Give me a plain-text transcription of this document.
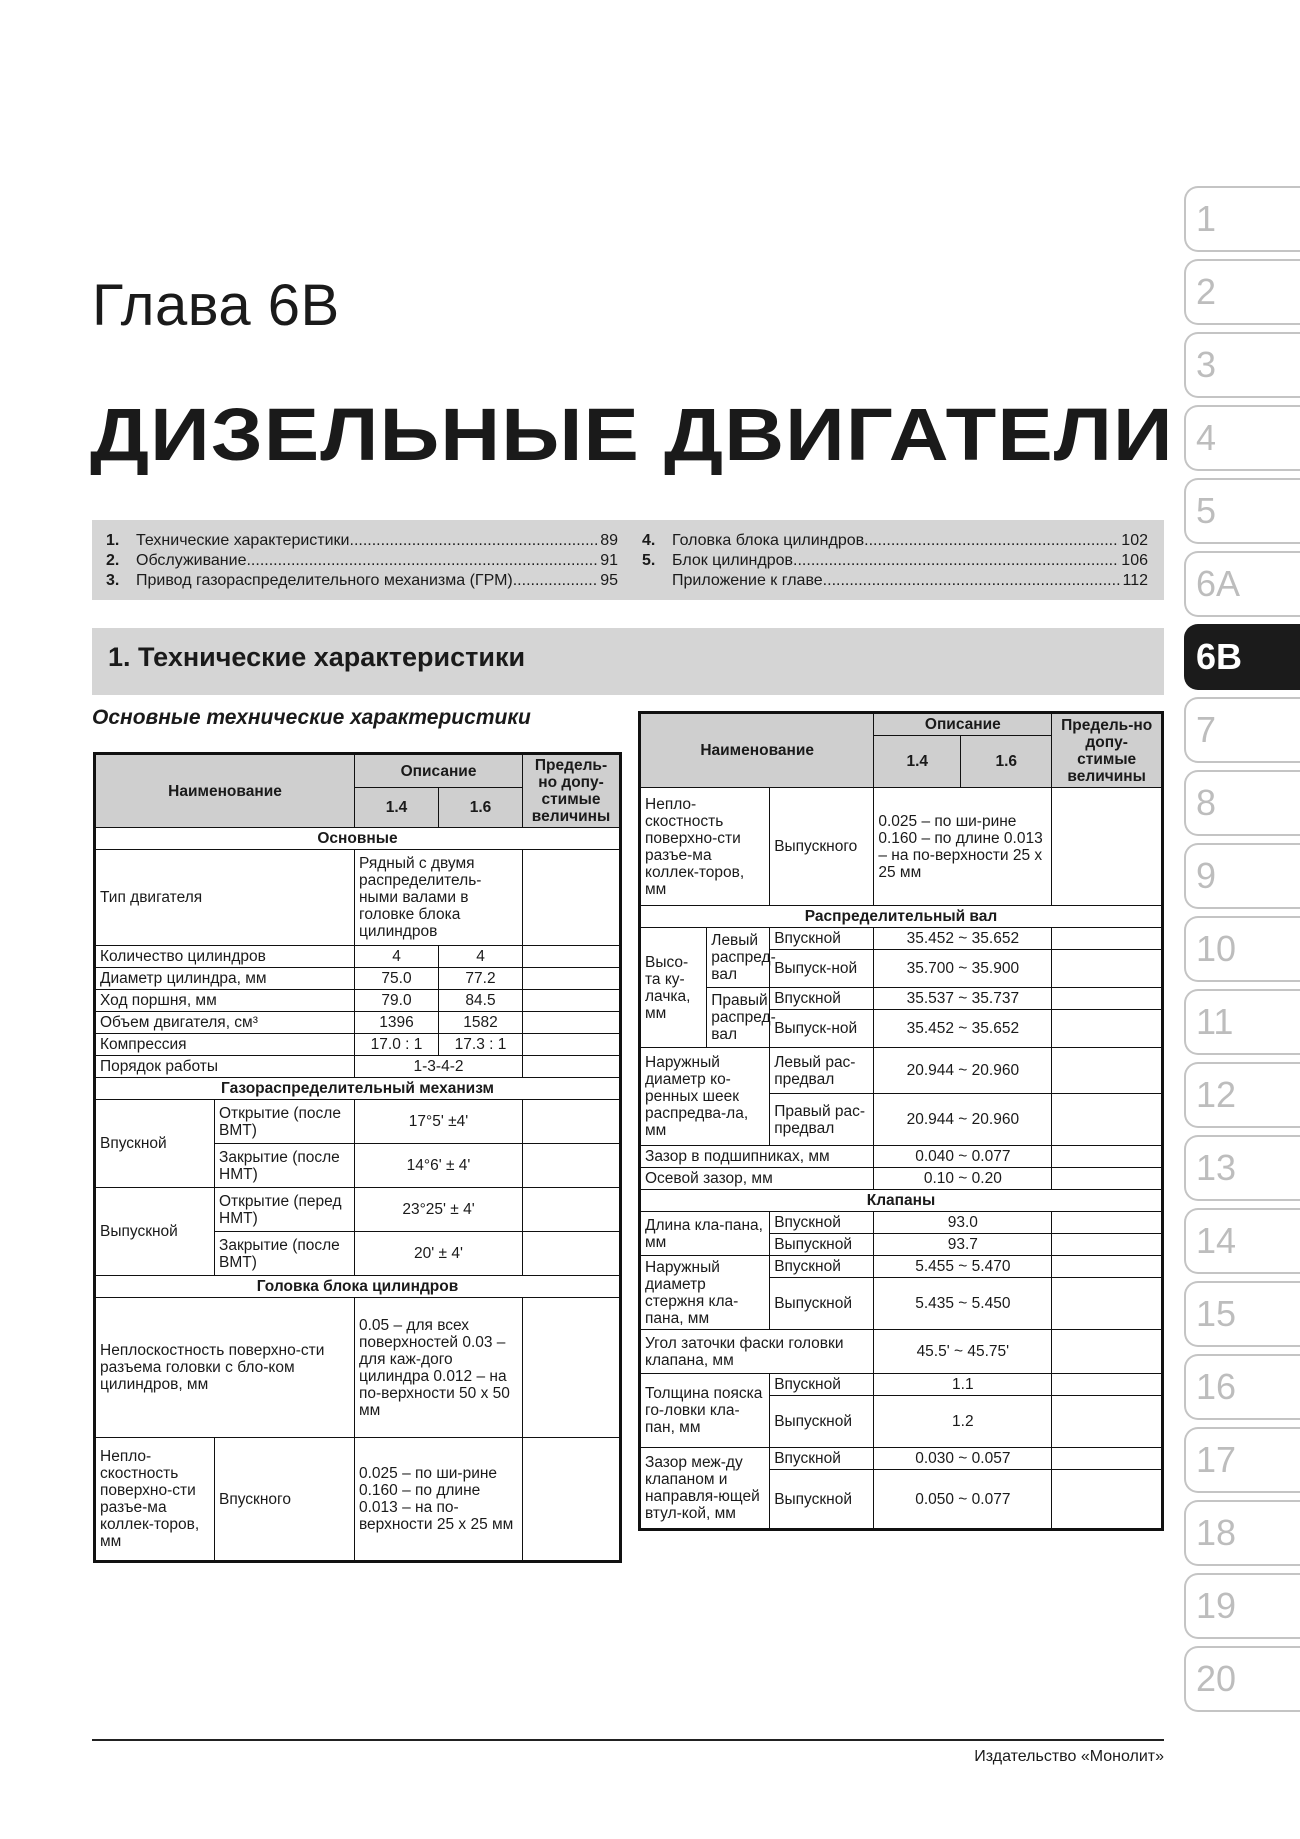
Глава 6В
ДИЗЕЛЬНЫЕ ДВИГАТЕЛИ
1.	Технические характеристики .....	89
2.	Обслуживание .....	91
3.	Привод газораспределительного механизма (ГРМ) .....	95
4.	Головка блока цилиндров .....	102
5.	Блок цилиндров .....	106
Приложение к главе .....	112
1. Технические характеристики
Основные технические характеристики
Наименование		Описание		Предель-но допу-стимые величины
		1.4	1.6	
Основные				
Тип двигателя		Рядный с двумя распределитель-ными валами в головке блока цилиндров		
Количество цилиндров		4	4	
Диаметр цилиндра, мм		75.0	77.2	
Ход поршня, мм		79.0	84.5	
Объем двигателя, см³		1396	1582	
Компрессия		17.0 : 1	17.3 : 1	
Порядок работы		1-3-4-2		
Газораспределительный механизм				
Впускной	Открытие (после ВМТ)	17°5' ±4'		
	Закрытие (после НМТ)	14°6' ± 4'		
Выпускной	Открытие (перед НМТ)	23°25' ± 4'		
	Закрытие (после ВМТ)	20' ± 4'		
Головка блока цилиндров				
Неплоскостность поверхно-сти разъема головки с бло-ком цилиндров, мм		0.05 – для всех поверхностей 0.03 – для каж-дого цилиндра 0.012 – на по-верхности 50 x 50 мм		
Непло-скостность поверхно-сти разъе-ма коллек-торов, мм	Впускного	0.025 – по ши-рине 0.160 – по длине 0.013 – на по-верхности 25 x 25 мм		
Наименование			Описание		Предель-но допу-стимые величины
			1.4	1.6	
Непло-скостность поверхно-сти разъе-ма коллек-торов, мм		Выпускного	0.025 – по ши-рине 0.160 – по длине 0.013 – на по-верхности 25 x 25 мм		
Распределительный вал					
Высо-та ку-лачка, мм	Левый распред-вал	Впускной	35.452 ~ 35.652		
		Выпуск-ной	35.700 ~ 35.900		
	Правый распред-вал	Впускной	35.537 ~ 35.737		
		Выпуск-ной	35.452 ~ 35.652		
Наружный диаметр ко-ренных шеек распредва-ла, мм		Левый рас-предвал	20.944 ~ 20.960		
		Правый рас-предвал	20.944 ~ 20.960		
Зазор в подшипниках, мм			0.040 ~ 0.077		
Осевой зазор, мм			0.10 ~ 0.20		
Клапаны					
Длина кла-пана, мм		Впускной	93.0		
		Выпускной	93.7		
Наружный диаметр стержня кла-пана, мм		Впускной	5.455 ~ 5.470		
		Выпускной	5.435 ~ 5.450		
Угол заточки фаски головки клапана, мм			45.5' ~ 45.75'		
Толщина пояска го-ловки кла-пан, мм		Впускной	1.1		
		Выпускной	1.2		
Зазор меж-ду клапаном и направля-ющей втул-кой, мм		Впускной	0.030 ~ 0.057		
		Выпускной	0.050 ~ 0.077		
1
2
3
4
5
6A
6B
7
8
9
10
11
12
13
14
15
16
17
18
19
20
Издательство «Монолит»
